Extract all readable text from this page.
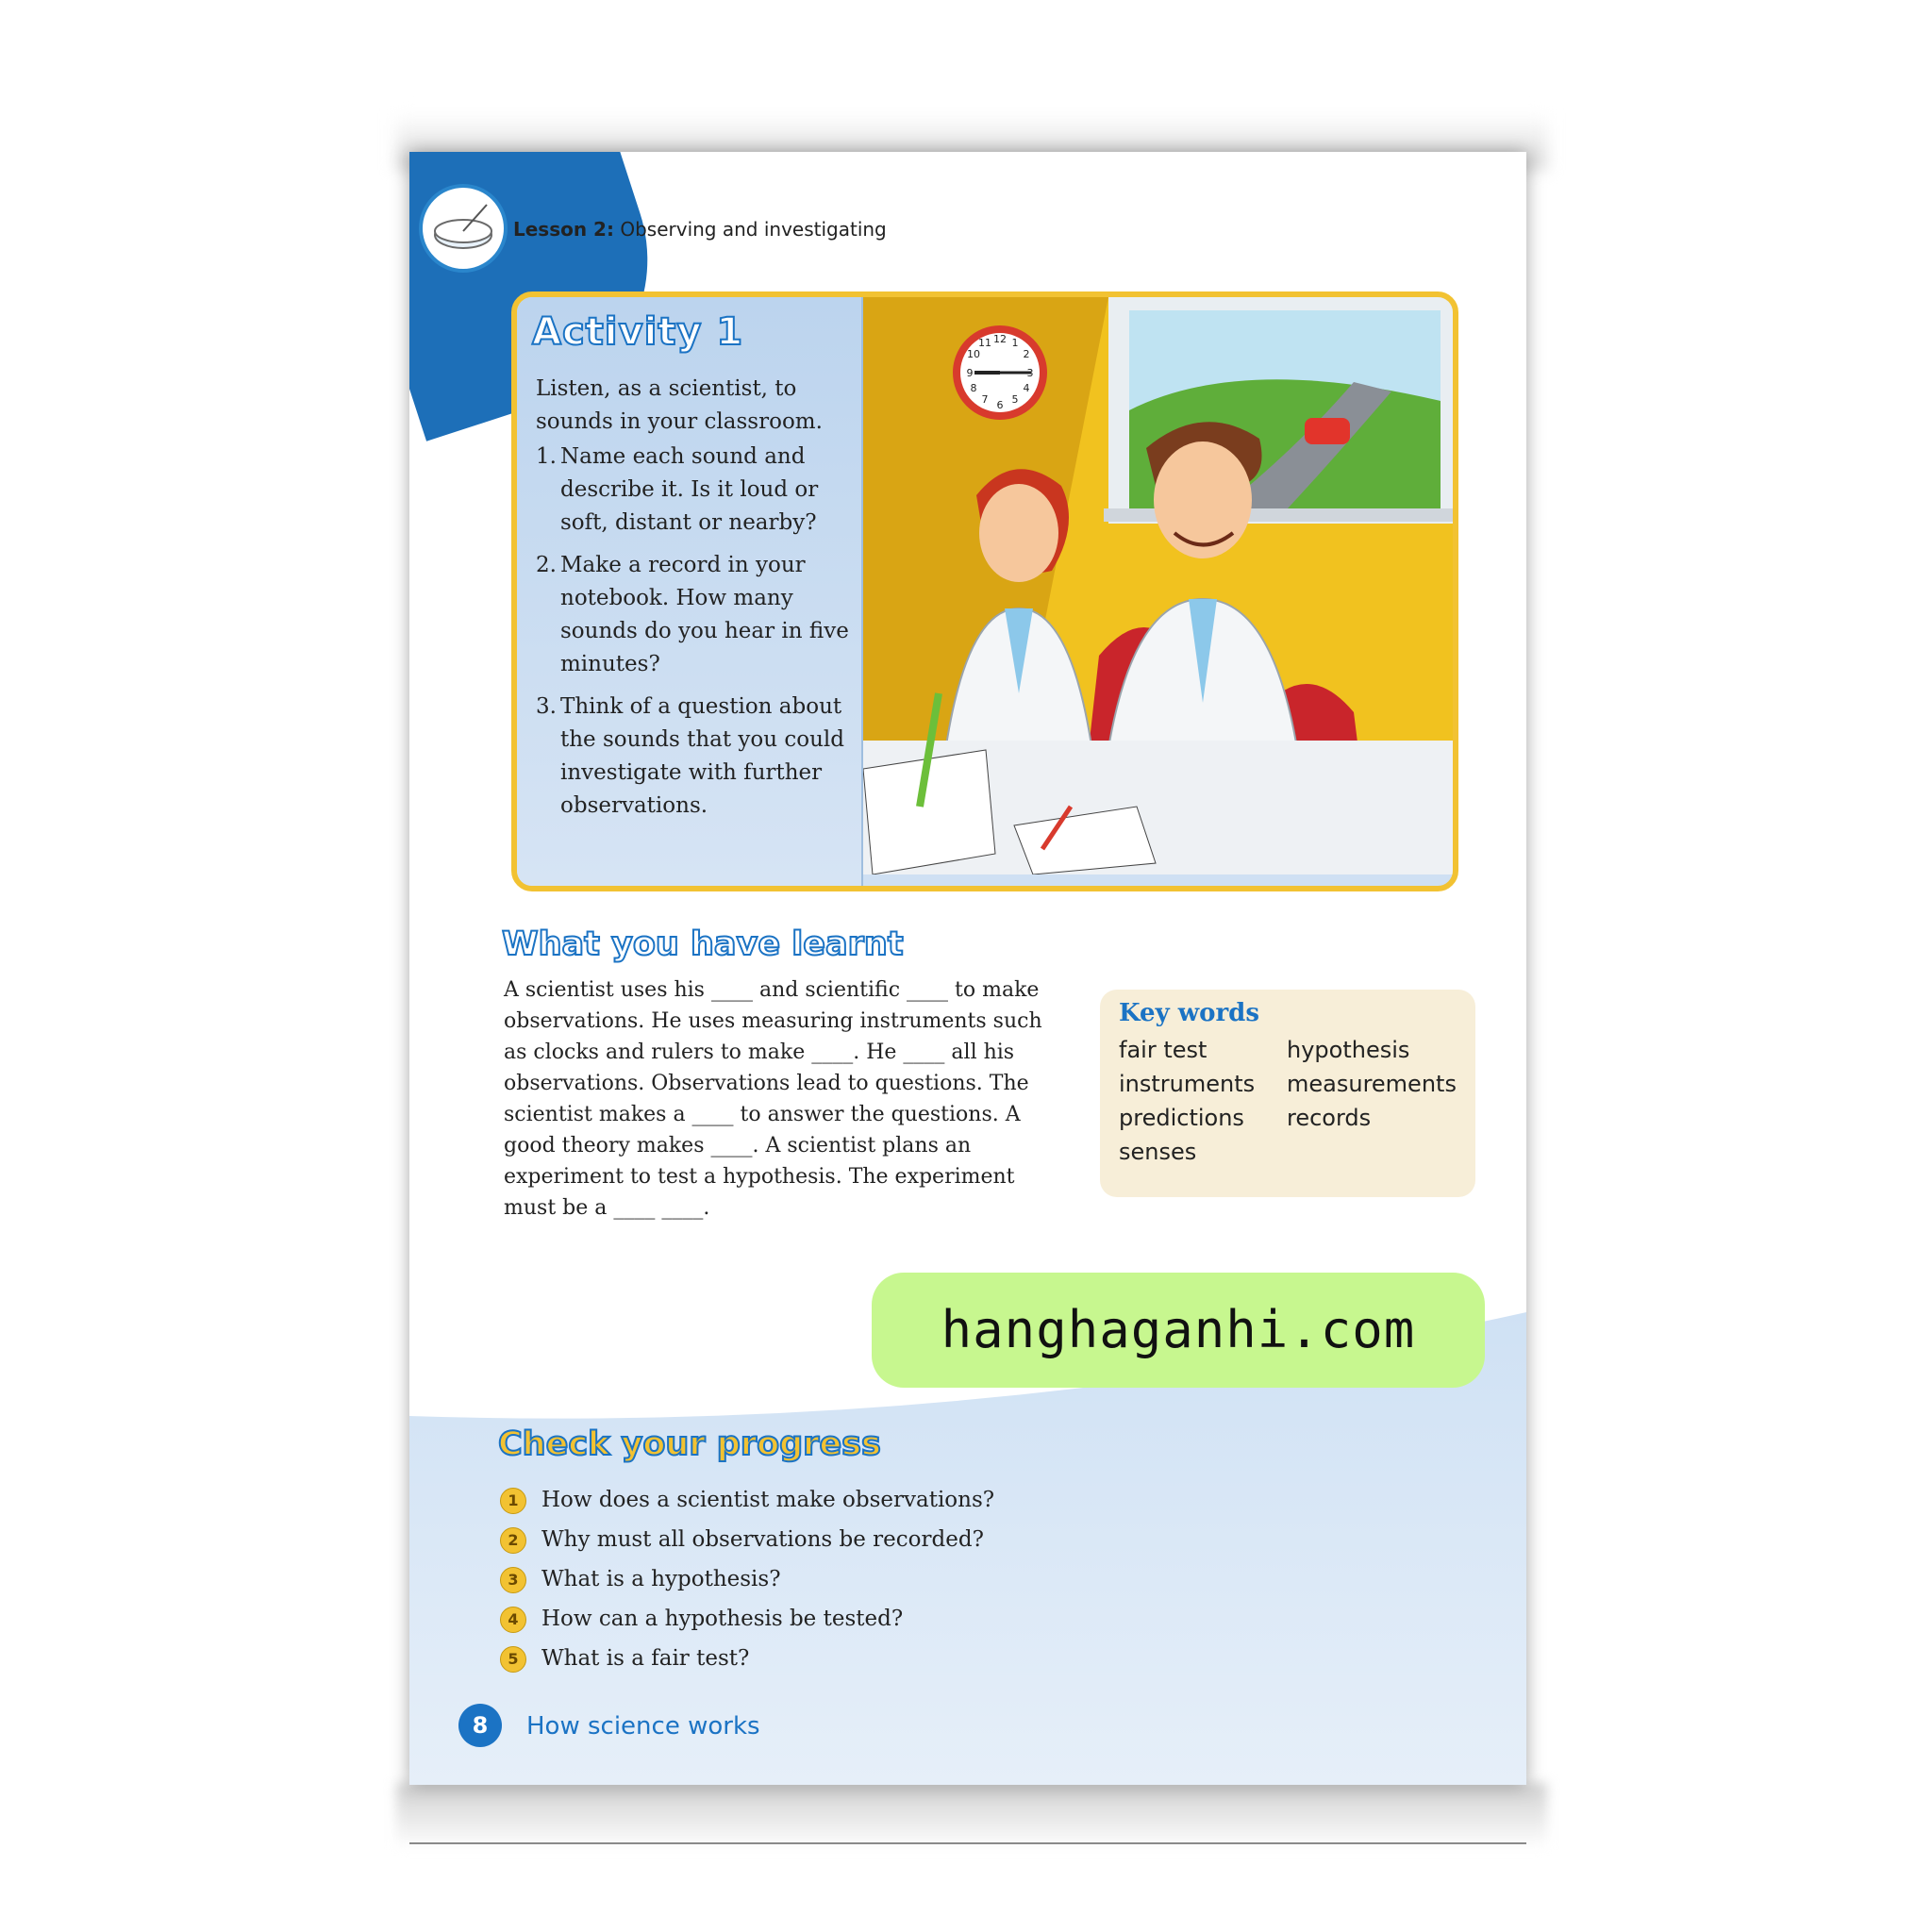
Lesson 2: Observing and investigating
Activity 1
Listen, as a scientist, to sounds in your classroom.
1. Name each sound and describe it. Is it loud or soft, distant or nearby?
2. Make a record in your notebook. How many sounds do you hear in five minutes?
3. Think of a question about the sounds that you could investigate with further observations.
12 1
2
3
4
5
6
7
8
9
10
11
What you have learnt
A scientist uses his ____ and scientific ____ to make observations. He uses measuring instruments such as clocks and rulers to make ____. He ____ all his observations. Observations lead to questions. The scientist makes a ____ to answer the questions. A good theory makes ____. A scientist plans an experiment to test a hypothesis. The experiment must be a ____ ____.
Key words
fair test
instruments
predictions
senses
hypothesis
measurements
records
Check your progress
1	How does a scientist make observations?
2	Why must all observations be recorded?
3	What is a hypothesis?
4	How can a hypothesis be tested?
5	What is a fair test?
8	How science works
hanghaganhi.com
